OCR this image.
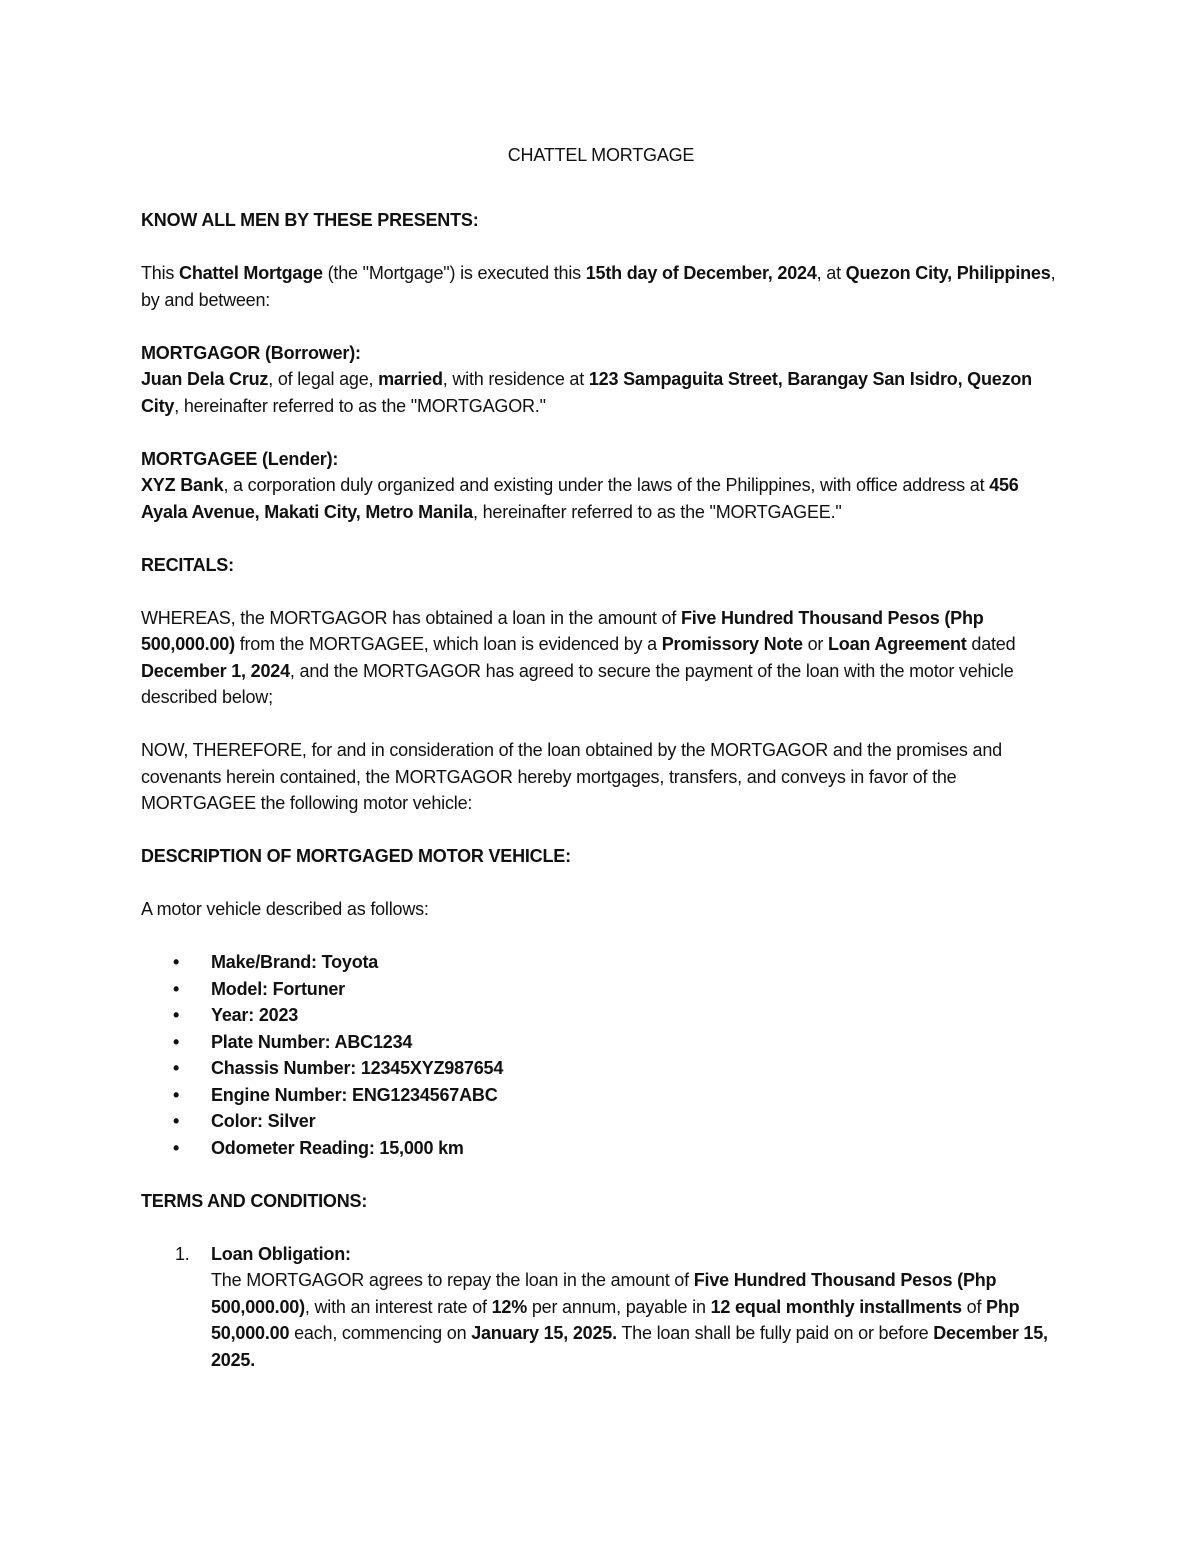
CHATTEL MORTGAGE

KNOW ALL MEN BY THESE PRESENTS:

This Chattel Mortgage (the "Mortgage") is executed this 15th day of December, 2024, at Quezon City, Philippines, by and between:

MORTGAGOR (Borrower):

Juan Dela Cruz, of legal age, married, with residence at 123 Sampaguita Street, Barangay San Isidro, Quezon City, hereinafter referred to as the "MORTGAGOR."

MORTGAGEE (Lender):

XYZ Bank, a corporation duly organized and existing under the laws of the Philippines, with office address at 456 Ayala Avenue, Makati City, Metro Manila, hereinafter referred to as the "MORTGAGEE."

RECITALS:

WHEREAS, the MORTGAGOR has obtained a loan in the amount of Five Hundred Thousand Pesos (Php 500,000.00) from the MORTGAGEE, which loan is evidenced by a Promissory Note or Loan Agreement dated December 1, 2024, and the MORTGAGOR has agreed to secure the payment of the loan with the motor vehicle described below;

NOW, THEREFORE, for and in consideration of the loan obtained by the MORTGAGOR and the promises and covenants herein contained, the MORTGAGOR hereby mortgages, transfers, and conveys in favor of the MORTGAGEE the following motor vehicle:

DESCRIPTION OF MORTGAGED MOTOR VEHICLE:

A motor vehicle described as follows:

• Make/Brand: Toyota
• Model: Fortuner
• Year: 2023
• Plate Number: ABC1234
• Chassis Number: 12345XYZ987654
• Engine Number: ENG1234567ABC
• Color: Silver
• Odometer Reading: 15,000 km

TERMS AND CONDITIONS:

1. Loan Obligation:
The MORTGAGOR agrees to repay the loan in the amount of Five Hundred Thousand Pesos (Php 500,000.00), with an interest rate of 12% per annum, payable in 12 equal monthly installments of Php 50,000.00 each, commencing on January 15, 2025. The loan shall be fully paid on or before December 15, 2025.
